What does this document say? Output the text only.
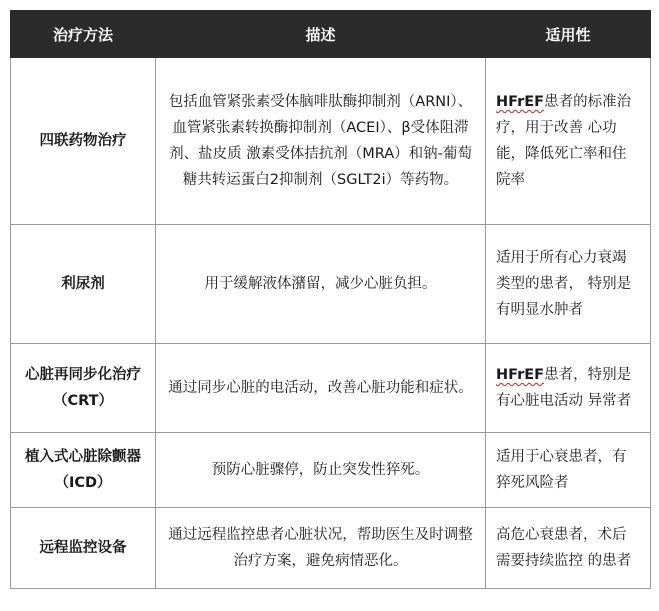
治疗方法	描述	适用性
四联药物治疗	包括血管紧张素受体脑啡肽酶抑制剂（ARNI）、血管紧张素转换酶抑制剂（ACEI）、β受体阻滞剂、盐皮质 激素受体拮抗剂（MRA）和钠-葡萄糖共转运蛋白2抑制剂（SGLT2i）等药物。	HFrEF患者的标准治疗，用于改善 心功能，降低死亡率和住院率
利尿剂	用于缓解液体潴留，减少心脏负担。	适用于所有心力衰竭类型的患者， 特别是有明显水肿者
心脏再同步化治疗（CRT）	通过同步心脏的电活动，改善心脏功能和症状。	HFrEF患者，特别是有心脏电活动 异常者
植入式心脏除颤器（ICD）	预防心脏骤停，防止突发性猝死。	适用于心衰患者，有猝死风险者
远程监控设备	通过远程监控患者心脏状况，帮助医生及时调整治疗方案，避免病情恶化。	高危心衰患者，术后需要持续监控 的患者
